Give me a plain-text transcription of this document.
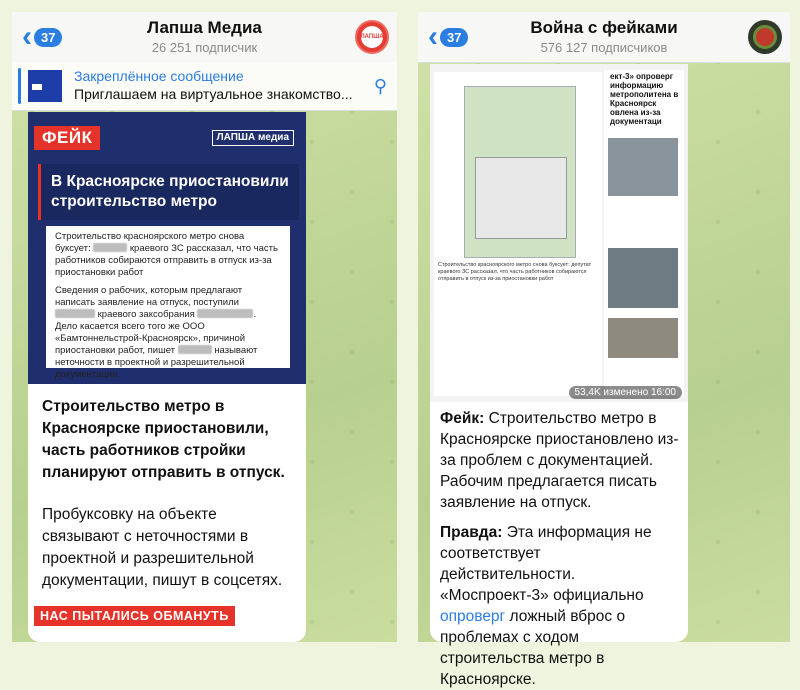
‹ 37	Лапша Медиа
26 251 подписчик
ЛАПША
Закреплённое сообщение
Приглашаем на виртуальное знакомство... ⚲
ФЕЙК	ЛАПША медиа
В Красноярске приостановили строительство метро

Строительство красноярского метро снова буксует:	краевого ЗС рассказал, что часть работников собираются отправить в отпуск из-за приостановки работ

Сведения о рабочих, которым предлагают написать заявление на отпуск, поступили  краевого заксобрания	. Дело касается всего того же ООО «Бамтоннельстрой-Красноярск», причиной приостановки работ, пишет	называют неточности в проектной и разрешительной документации.

Строительство метро в Красноярске приостановили, часть работников стройки планируют отправить в отпуск.
Пробуксовку на объекте связывают с неточностями в проектной и разрешительной документации, пишут в соцсетях.
НАС ПЫТАЛИСЬ ОБМАНУТЬ
‹ 37	Война с фейками
576 127 подписчиков
Строительство красноярского метро снова буксует: депутат краевого ЗС рассказал, что часть работников собираются отправить в отпуск из-за приостановки работ
ект-3» опроверг информацию метрополитена в Красноярск овлена из-за документаци
53,4K изменено 16:00
Фейк: Строительство метро в Красноярске приостановлено из-за проблем с документацией. Рабочим предлагается писать заявление на отпуск.
Правда: Эта информация не соответствует действительности. «Моспроект-3» официально опроверг ложный вброс о проблемах с ходом строительства метро в Красноярске.
